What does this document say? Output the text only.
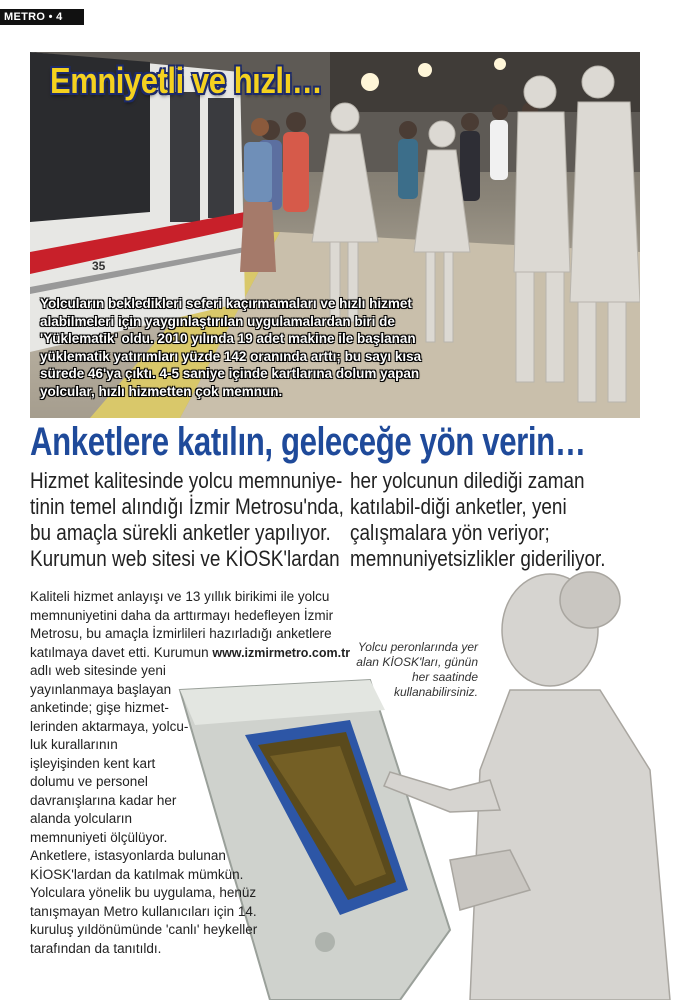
METRO • 4
35
Emniyetli ve hızlı…

Yolcuların bekledikleri seferi kaçırmamaları ve hızlı hizmet alabilmeleri için yaygınlaştırılan uygulamalardan biri de 'Yüklematik' oldu. 2010 yılında 19 adet makine ile başlanan yüklematik yatırımları yüzde 142 oranında arttı; bu sayı kısa sürede 46'ya çıktı. 4-5 saniye içinde kartlarına dolum yapan yolcular, hızlı hizmetten çok memnun.

Anketlere katılın, geleceğe yön verin…

Hizmet kalitesinde yolcu memnuniye-tinin temel alındığı İzmir Metrosu'nda, bu amaçla sürekli anketler yapılıyor. Kurumun web sitesi ve KİOSK'lardan

her yolcunun dilediği zaman katılabil-diği anketler, yeni çalışmalara yön veriyor; memnuniyetsizlikler gideriliyor.

Yolcu peronlarında yer alan KİOSK'ları, günün her saatinde kullanabilirsiniz.

Kaliteli hizmet anlayışı ve 13 yıllık birikimi ile yolcu memnuniyetini daha da arttırmayı hedefleyen İzmir Metrosu, bu amaçla İzmirlileri hazırladığı anketlere katılmaya davet etti. Kurumun www.izmirmetro.com.tr
adlı web sitesinde yeni yayınlanmaya başlayan anketinde; gişe hizmet-lerinden aktarmaya, yolcu-luk kurallarının işleyişinden kent kart dolumu ve personel davranışlarına kadar her alanda yolcuların memnuniyeti ölçülüyor.

Anketlere, istasyonlarda bulunan KİOSK'lardan da katılmak mümkün. Yolculara yönelik bu uygulama, henüz tanışmayan Metro kullanıcıları için 14. kuruluş yıldönümünde 'canlı' heykeller tarafından da tanıtıldı.
